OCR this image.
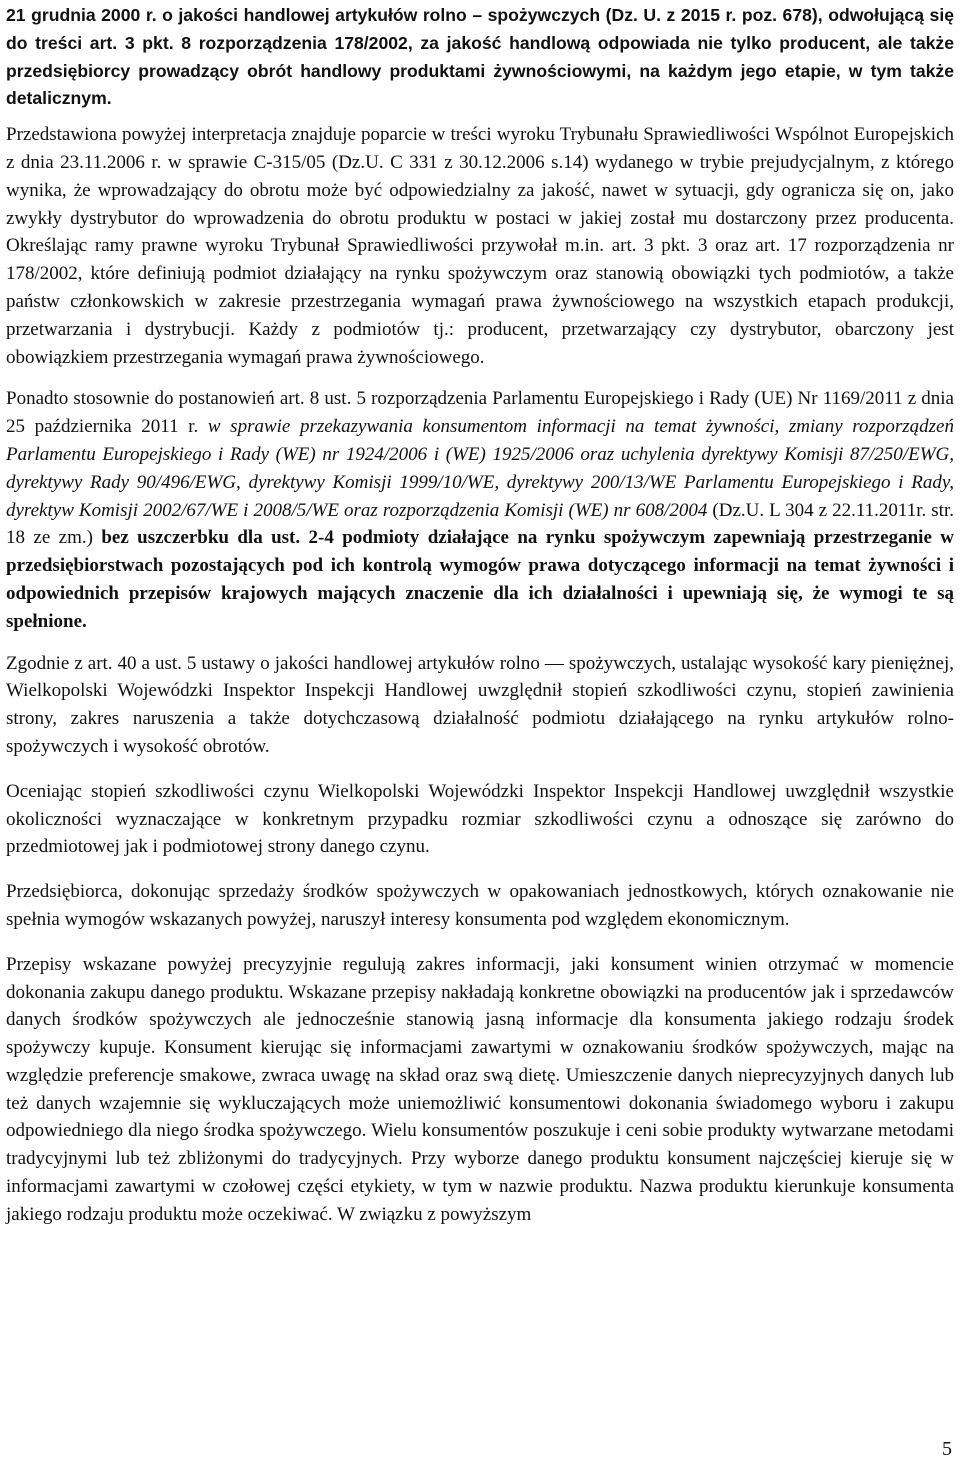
21 grudnia 2000 r. o jakości handlowej artykułów rolno – spożywczych (Dz. U. z 2015 r. poz. 678), odwołującą się do treści art. 3 pkt. 8 rozporządzenia 178/2002, za jakość handlową odpowiada nie tylko producent, ale także przedsiębiorcy prowadzący obrót handlowy produktami żywnościowymi, na każdym jego etapie, w tym także detalicznym.

Przedstawiona powyżej interpretacja znajduje poparcie w treści wyroku Trybunału Sprawiedliwości Wspólnot Europejskich z dnia 23.11.2006 r. w sprawie C-315/05 (Dz.U. C 331 z 30.12.2006 s.14) wydanego w trybie prejudycjalnym, z którego wynika, że wprowadzający do obrotu może być odpowiedzialny za jakość, nawet w sytuacji, gdy ogranicza się on, jako zwykły dystrybutor do wprowadzenia do obrotu produktu w postaci w jakiej został mu dostarczony przez producenta. Określając ramy prawne wyroku Trybunał Sprawiedliwości przywołał m.in. art. 3 pkt. 3 oraz art. 17 rozporządzenia nr 178/2002, które definiują podmiot działający na rynku spożywczym oraz stanowią obowiązki tych podmiotów, a także państw członkowskich w zakresie przestrzegania wymagań prawa żywnościowego na wszystkich etapach produkcji, przetwarzania i dystrybucji. Każdy z podmiotów tj.: producent, przetwarzający czy dystrybutor, obarczony jest obowiązkiem przestrzegania wymagań prawa żywnościowego.

Ponadto stosownie do postanowień art. 8 ust. 5 rozporządzenia Parlamentu Europejskiego i Rady (UE) Nr 1169/2011 z dnia 25 października 2011 r. w sprawie przekazywania konsumentom informacji na temat żywności, zmiany rozporządzeń Parlamentu Europejskiego i Rady (WE) nr 1924/2006 i (WE) 1925/2006 oraz uchylenia dyrektywy Komisji 87/250/EWG, dyrektywy Rady 90/496/EWG, dyrektywy Komisji 1999/10/WE, dyrektywy 200/13/WE Parlamentu Europejskiego i Rady, dyrektyw Komisji 2002/67/WE i 2008/5/WE oraz rozporządzenia Komisji (WE) nr 608/2004 (Dz.U. L 304 z 22.11.2011r. str. 18 ze zm.) bez uszczerbku dla ust. 2-4 podmioty działające na rynku spożywczym zapewniają przestrzeganie w przedsiębiorstwach pozostających pod ich kontrolą wymogów prawa dotyczącego informacji na temat żywności i odpowiednich przepisów krajowych mających znaczenie dla ich działalności i upewniają się, że wymogi te są spełnione.

Zgodnie z art. 40 a ust. 5 ustawy o jakości handlowej artykułów rolno — spożywczych, ustalając wysokość kary pieniężnej, Wielkopolski Wojewódzki Inspektor Inspekcji Handlowej uwzględnił stopień szkodliwości czynu, stopień zawinienia strony, zakres naruszenia a także dotychczasową działalność podmiotu działającego na rynku artykułów rolno- spożywczych i wysokość obrotów.

Oceniając stopień szkodliwości czynu Wielkopolski Wojewódzki Inspektor Inspekcji Handlowej uwzględnił wszystkie okoliczności wyznaczające w konkretnym przypadku rozmiar szkodliwości czynu a odnoszące się zarówno do przedmiotowej jak i podmiotowej strony danego czynu.

Przedsiębiorca, dokonując sprzedaży środków spożywczych w opakowaniach jednostkowych, których oznakowanie nie spełnia wymogów wskazanych powyżej, naruszył interesy konsumenta pod względem ekonomicznym.

Przepisy wskazane powyżej precyzyjnie regulują zakres informacji, jaki konsument winien otrzymać w momencie dokonania zakupu danego produktu. Wskazane przepisy nakładają konkretne obowiązki na producentów jak i sprzedawców danych środków spożywczych ale jednocześnie stanowią jasną informacje dla konsumenta jakiego rodzaju środek spożywczy kupuje. Konsument kierując się informacjami zawartymi w oznakowaniu środków spożywczych, mając na względzie preferencje smakowe, zwraca uwagę na skład oraz swą dietę. Umieszczenie danych nieprecyzyjnych danych lub też danych wzajemnie się wykluczających może uniemożliwić konsumentowi dokonania świadomego wyboru i zakupu odpowiedniego dla niego środka spożywczego. Wielu konsumentów poszukuje i ceni sobie produkty wytwarzane metodami tradycyjnymi lub też zbliżonymi do tradycyjnych. Przy wyborze danego produktu konsument najczęściej kieruje się w informacjami zawartymi w czołowej części etykiety, w tym w nazwie produktu. Nazwa produktu kierunkuje konsumenta jakiego rodzaju produktu może oczekiwać. W związku z powyższym

5
